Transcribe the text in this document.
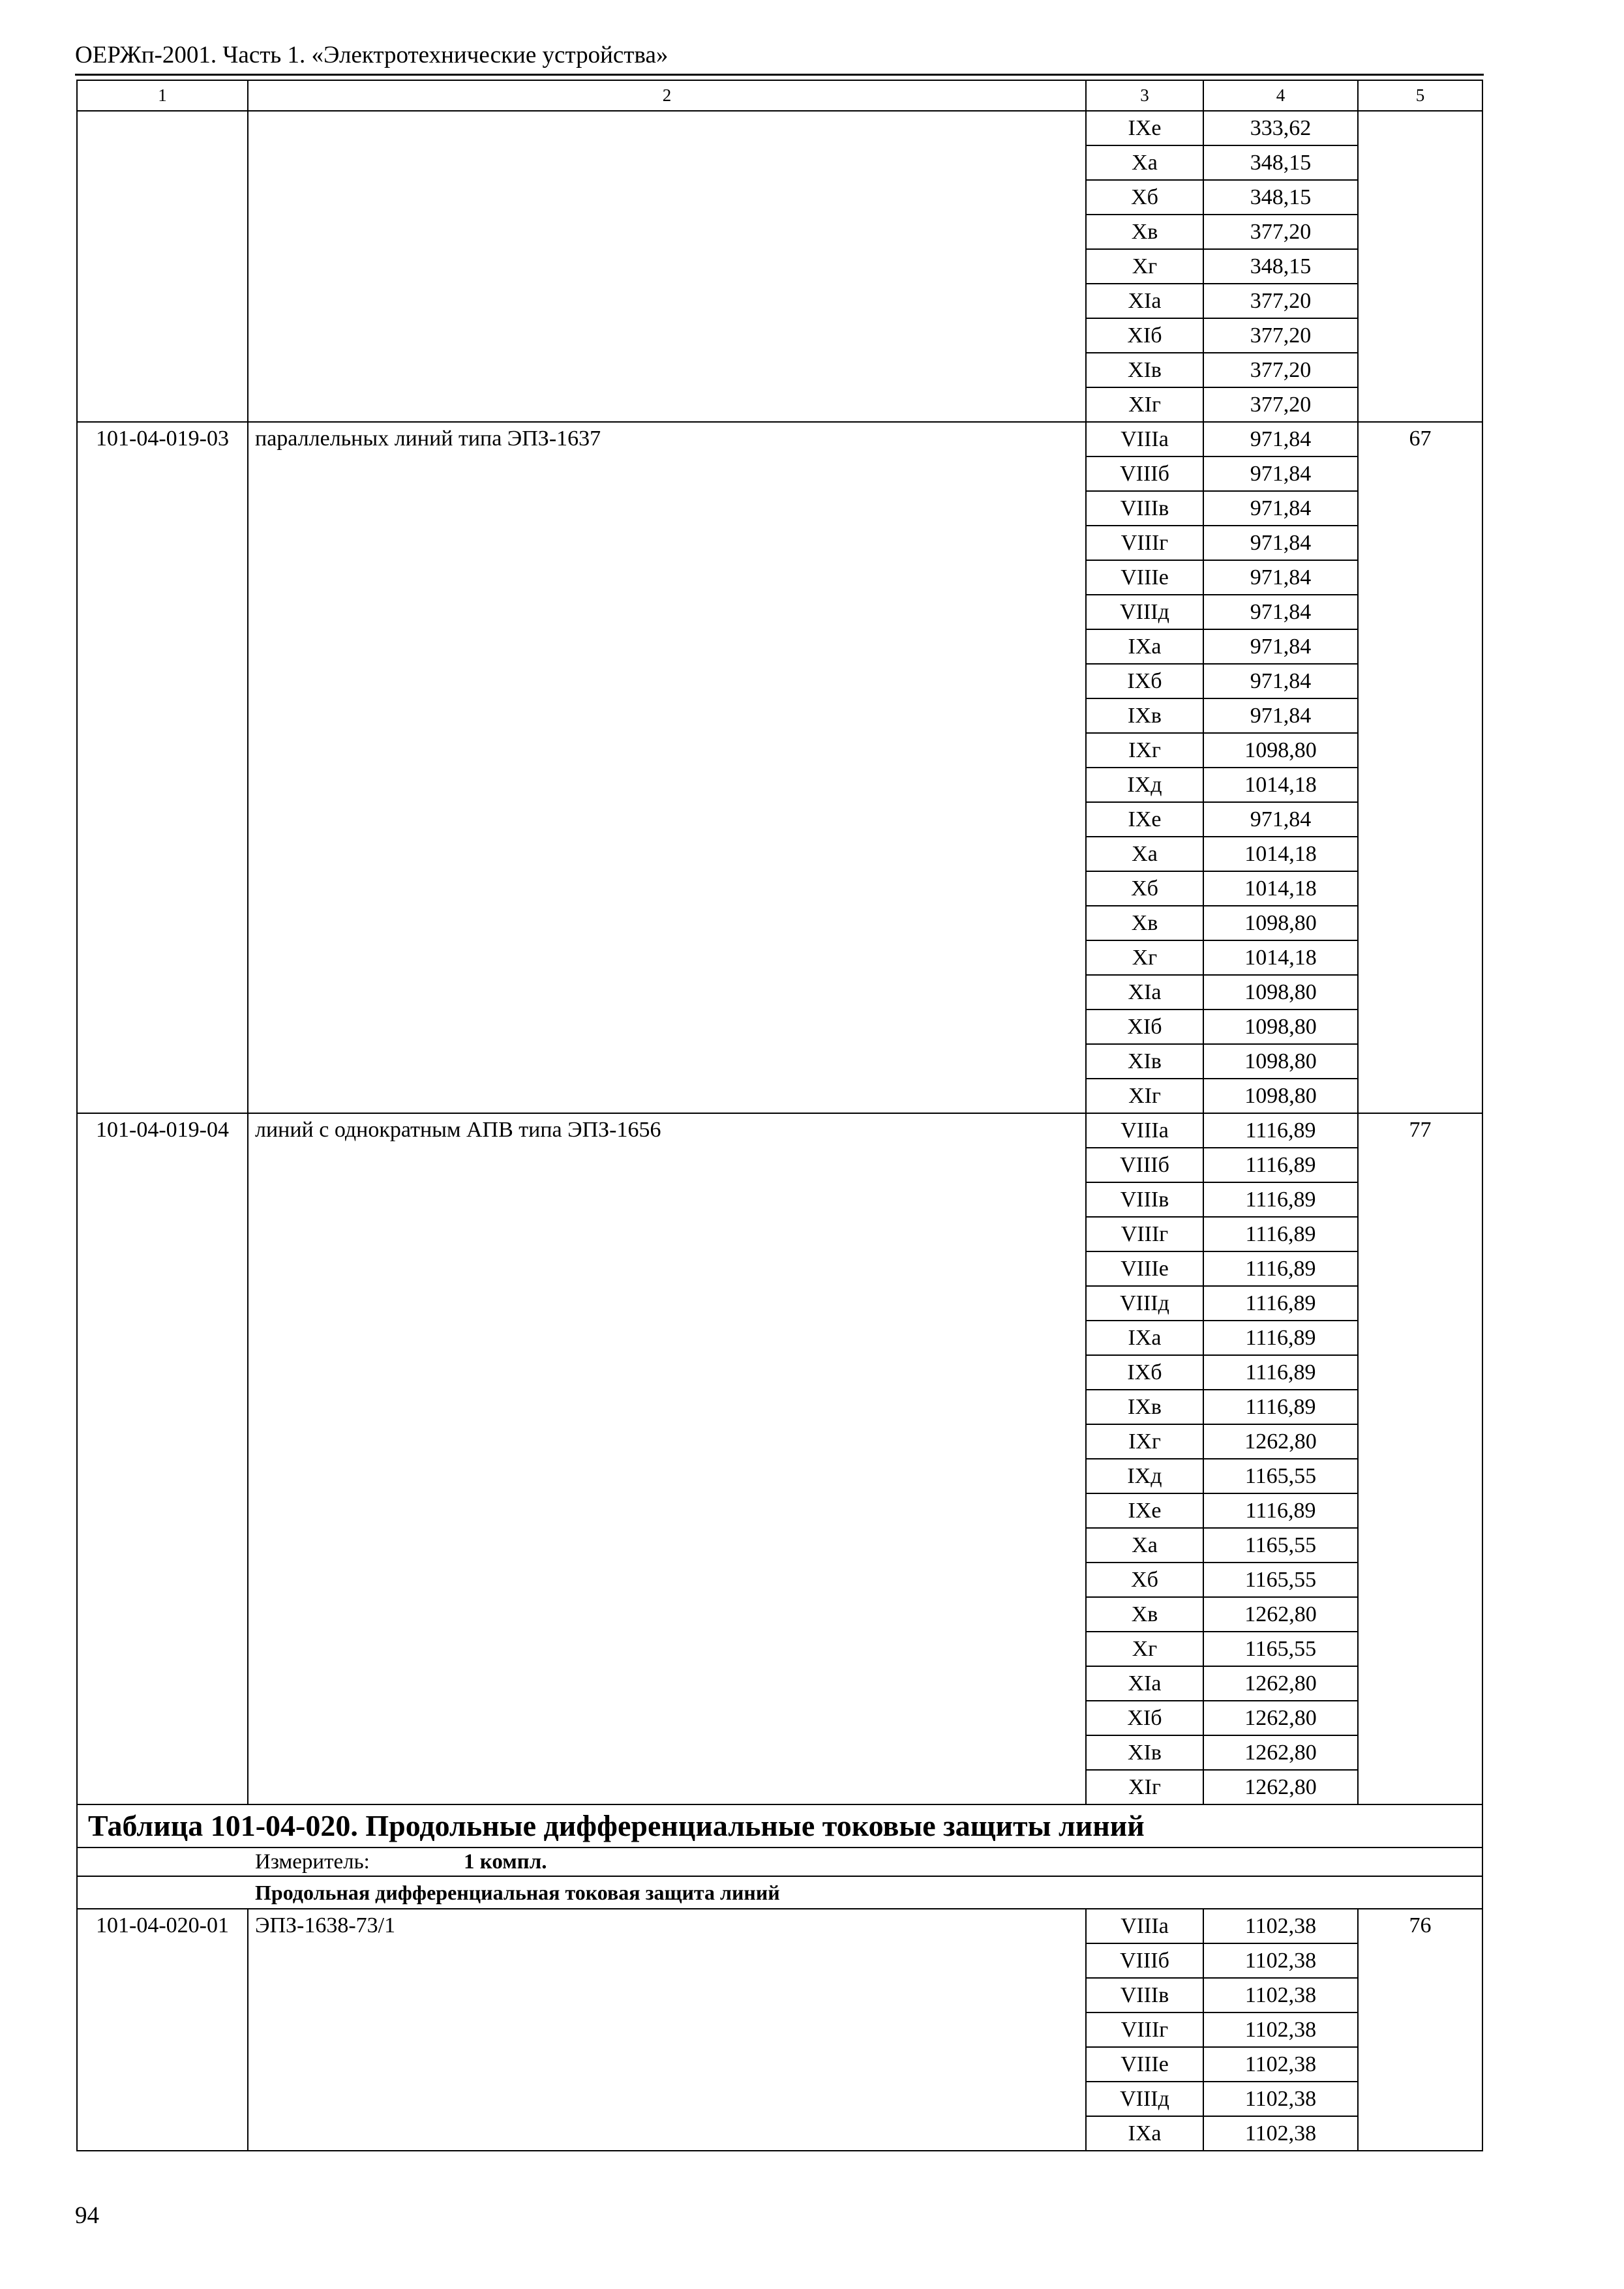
ОЕРЖп-2001. Часть 1. «Электротехнические устройства»
1	2	3	4	5
		IXе	333,62	
		Xа	348,15	
		Xб	348,15	
		Xв	377,20	
		Xг	348,15	
		XIа	377,20	
		XIб	377,20	
		XIв	377,20	
		XIг	377,20	
101-04-019-03	параллельных линий типа ЭПЗ-1637	VIIIа	971,84	67
		VIIIб	971,84	
		VIIIв	971,84	
		VIIIг	971,84	
		VIIIе	971,84	
		VIIIд	971,84	
		IXа	971,84	
		IXб	971,84	
		IXв	971,84	
		IXг	1098,80	
		IXд	1014,18	
		IXе	971,84	
		Xа	1014,18	
		Xб	1014,18	
		Xв	1098,80	
		Xг	1014,18	
		XIа	1098,80	
		XIб	1098,80	
		XIв	1098,80	
		XIг	1098,80	
101-04-019-04	линий с однократным АПВ типа ЭПЗ-1656	VIIIа	1116,89	77
		VIIIб	1116,89	
		VIIIв	1116,89	
		VIIIг	1116,89	
		VIIIе	1116,89	
		VIIIд	1116,89	
		IXа	1116,89	
		IXб	1116,89	
		IXв	1116,89	
		IXг	1262,80	
		IXд	1165,55	
		IXе	1116,89	
		Xа	1165,55	
		Xб	1165,55	
		Xв	1262,80	
		Xг	1165,55	
		XIа	1262,80	
		XIб	1262,80	
		XIв	1262,80	
		XIг	1262,80	
Таблица 101-04-020. Продольные дифференциальные токовые защиты линий				
Измеритель: 1 компл.				
Продольная дифференциальная токовая защита линий				
101-04-020-01	ЭПЗ-1638-73/1	VIIIа	1102,38	76
		VIIIб	1102,38	
		VIIIв	1102,38	
		VIIIг	1102,38	
		VIIIе	1102,38	
		VIIIд	1102,38	
		IXа	1102,38	
94
